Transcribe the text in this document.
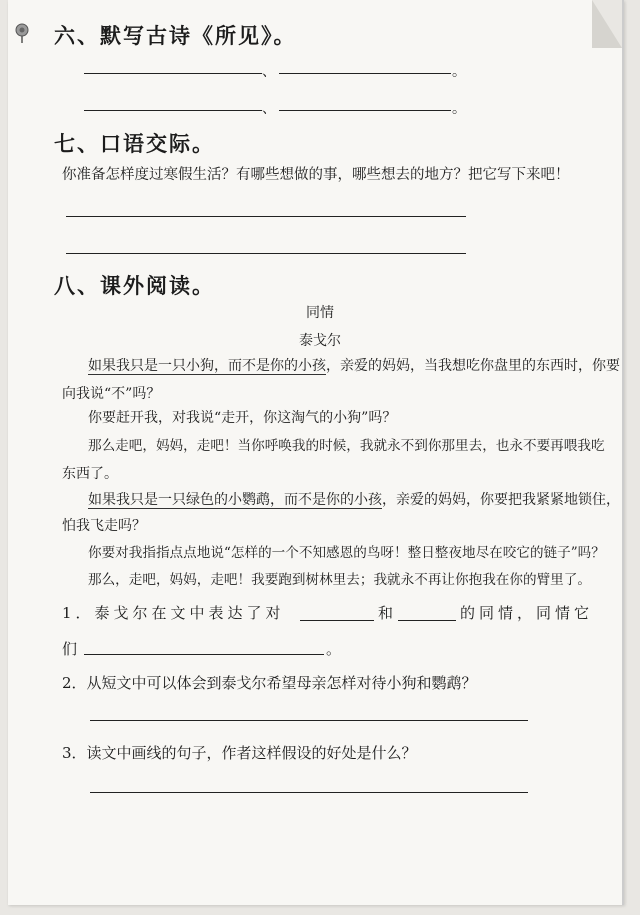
六、默写古诗《所见》。
、	。
、	。
七、口语交际。
你准备怎样度过寒假生活？有哪些想做的事，哪些想去的地方？把它写下来吧！
八、课外阅读。
同情
泰戈尔
如果我只是一只小狗，而不是你的小孩，亲爱的妈妈，当我想吃你盘里的东西时，你要
向我说“不”吗？
你要赶开我，对我说“走开，你这淘气的小狗”吗？
那么走吧，妈妈，走吧！当你呼唤我的时候，我就永不到你那里去，也永不要再喂我吃
东西了。
如果我只是一只绿色的小鹦鹉，而不是你的小孩，亲爱的妈妈，你要把我紧紧地锁住，
怕我飞走吗？
你要对我指指点点地说“怎样的一个不知感恩的鸟呀！整日整夜地尽在咬它的链子”吗？
那么，走吧，妈妈，走吧！我要跑到树林里去；我就永不再让你抱我在你的臂里了。
1．泰戈尔在文中表达了对	和	的同情，同情它
们	。
2．从短文中可以体会到泰戈尔希望母亲怎样对待小狗和鹦鹉？
3．读文中画线的句子，作者这样假设的好处是什么？
